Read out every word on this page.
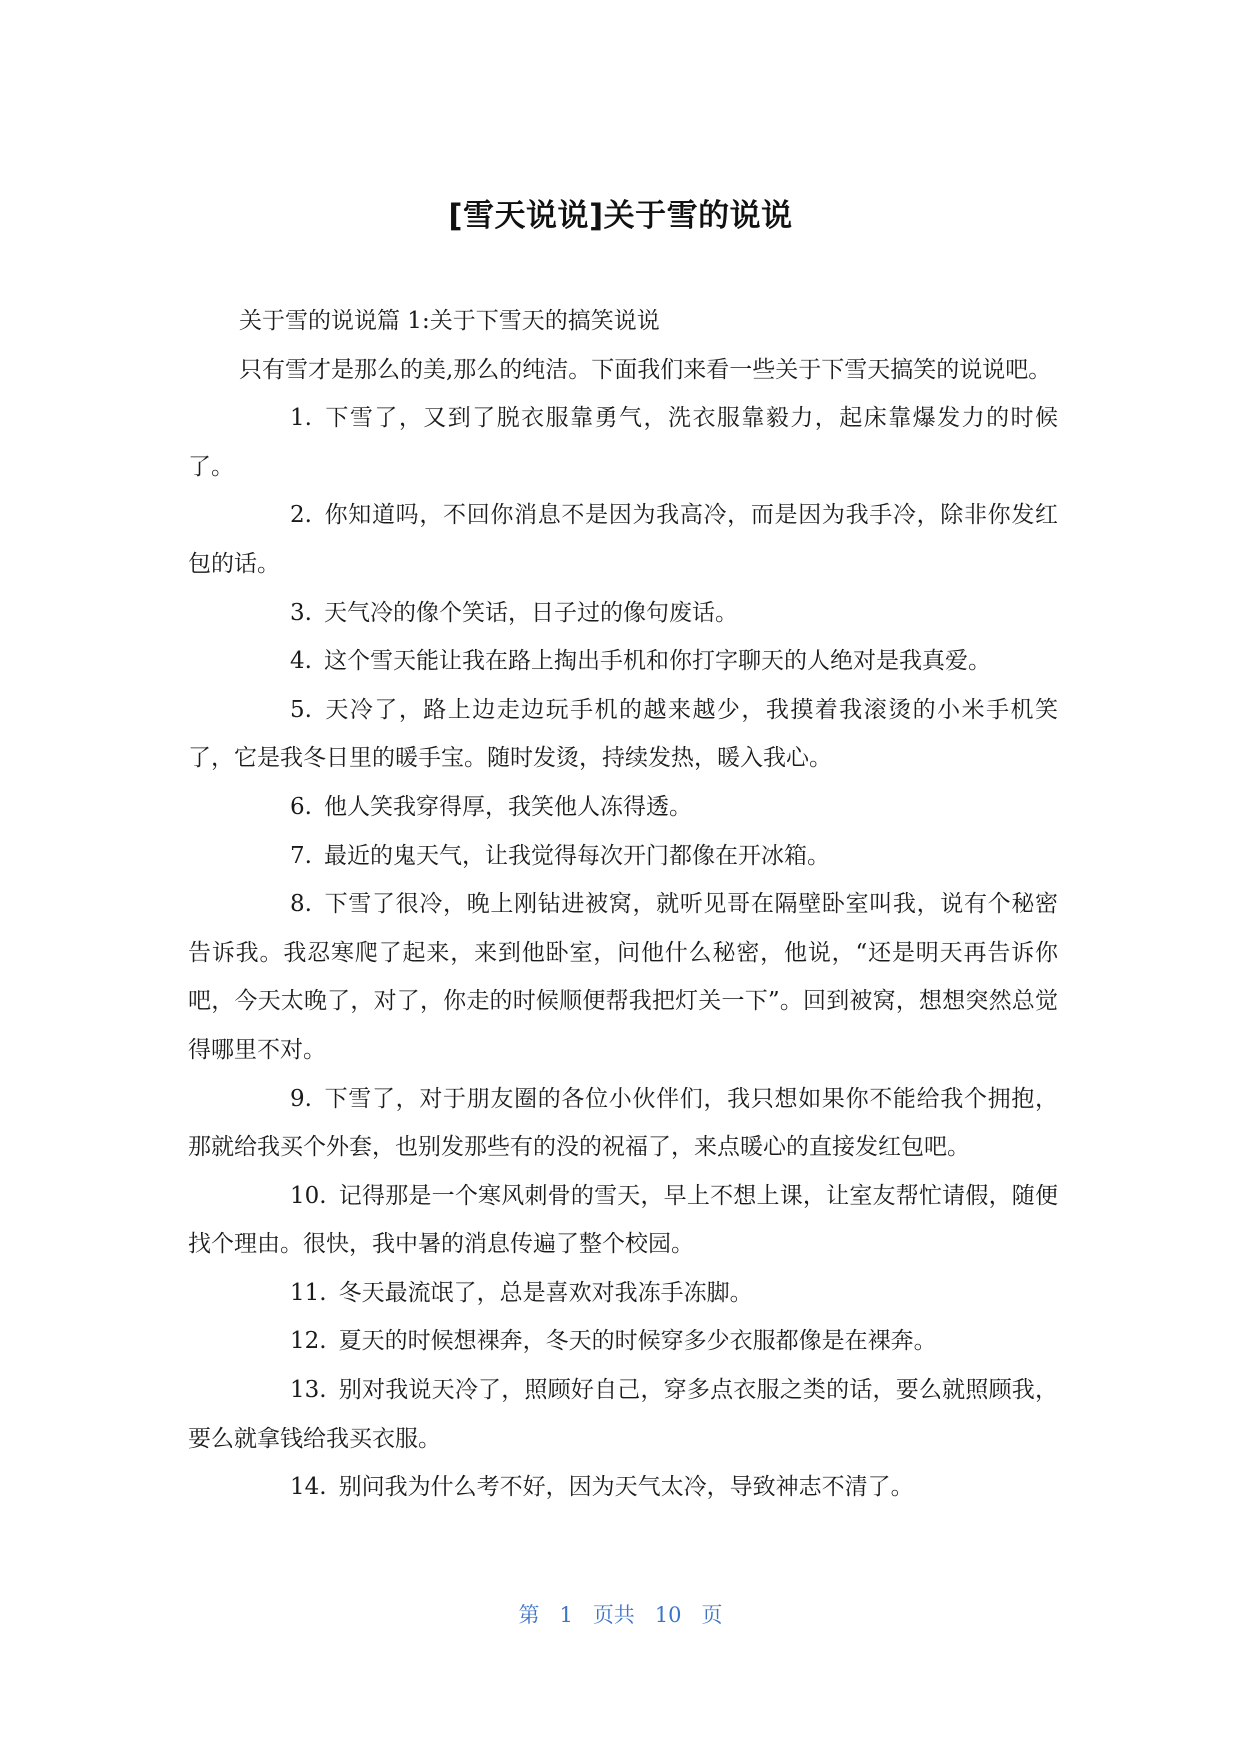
[雪天说说]关于雪的说说

关于雪的说说篇 1:关于下雪天的搞笑说说

只有雪才是那么的美,那么的纯洁。下面我们来看一些关于下雪天搞笑的说说吧。

1. 下雪了，又到了脱衣服靠勇气，洗衣服靠毅力，起床靠爆发力的时候了。

2. 你知道吗，不回你消息不是因为我高冷，而是因为我手冷，除非你发红包的话。

3. 天气冷的像个笑话，日子过的像句废话。

4. 这个雪天能让我在路上掏出手机和你打字聊天的人绝对是我真爱。

5. 天冷了，路上边走边玩手机的越来越少，我摸着我滚烫的小米手机笑了，它是我冬日里的暖手宝。随时发烫，持续发热，暖入我心。

6. 他人笑我穿得厚，我笑他人冻得透。

7. 最近的鬼天气，让我觉得每次开门都像在开冰箱。

8. 下雪了很冷，晚上刚钻进被窝，就听见哥在隔壁卧室叫我，说有个秘密告诉我。我忍寒爬了起来，来到他卧室，问他什么秘密，他说，“还是明天再告诉你吧，今天太晚了，对了，你走的时候顺便帮我把灯关一下”。回到被窝，想想突然总觉得哪里不对。

9. 下雪了，对于朋友圈的各位小伙伴们，我只想如果你不能给我个拥抱，那就给我买个外套，也别发那些有的没的祝福了，来点暖心的直接发红包吧。

10. 记得那是一个寒风刺骨的雪天，早上不想上课，让室友帮忙请假，随便找个理由。很快，我中暑的消息传遍了整个校园。

11. 冬天最流氓了，总是喜欢对我冻手冻脚。

12. 夏天的时候想裸奔，冬天的时候穿多少衣服都像是在裸奔。

13. 别对我说天冷了，照顾好自己，穿多点衣服之类的话，要么就照顾我，要么就拿钱给我买衣服。

14. 别问我为什么考不好，因为天气太冷，导致神志不清了。

第 1 页共 10 页
